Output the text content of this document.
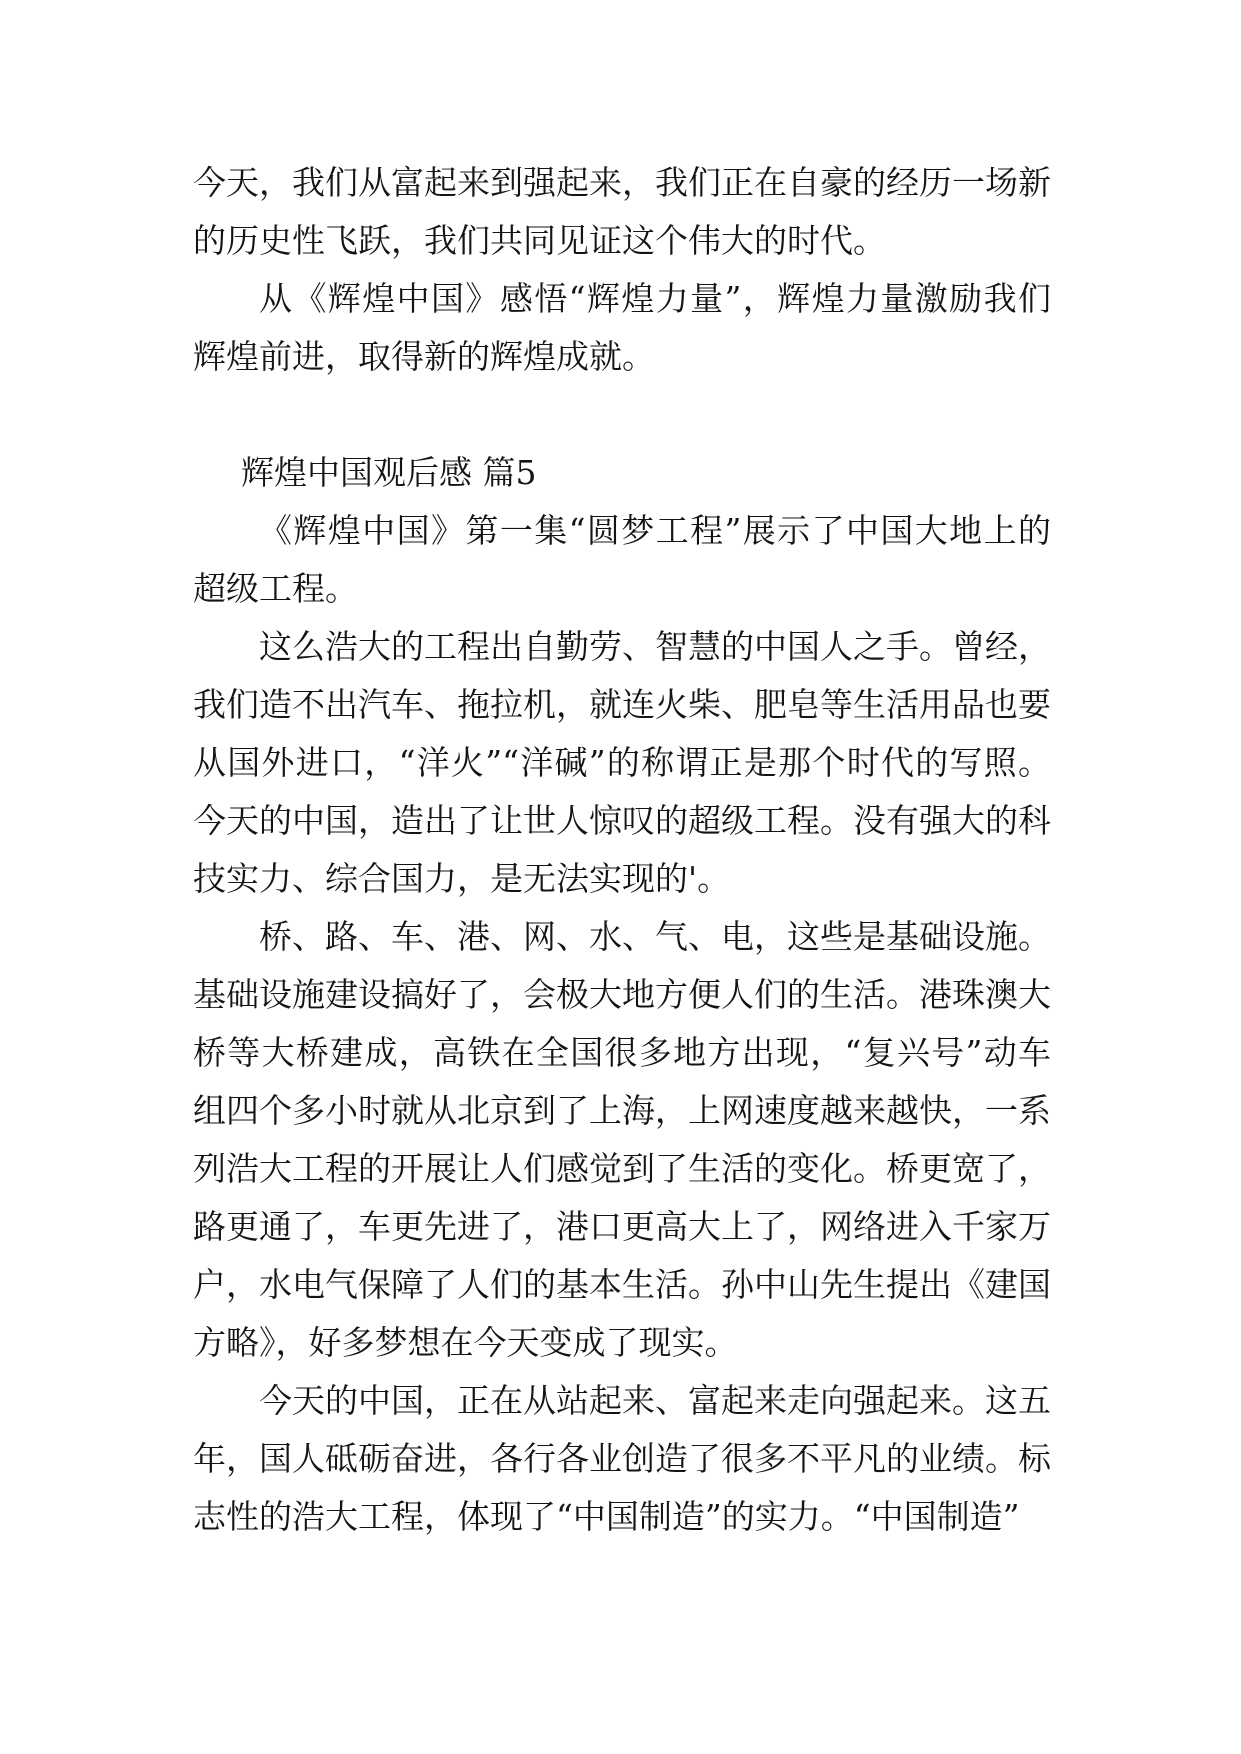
今天，我们从富起来到强起来，我们正在自豪的经历一场新的历史性飞跃，我们共同见证这个伟大的时代。

从《辉煌中国》感悟“辉煌力量”，辉煌力量激励我们辉煌前进，取得新的辉煌成就。

辉煌中国观后感 篇5

《辉煌中国》第一集“圆梦工程”展示了中国大地上的超级工程。

这么浩大的工程出自勤劳、智慧的中国人之手。曾经，我们造不出汽车、拖拉机，就连火柴、肥皂等生活用品也要从国外进口，“洋火”“洋碱”的称谓正是那个时代的写照。今天的中国，造出了让世人惊叹的超级工程。没有强大的科技实力、综合国力，是无法实现的'。

桥、路、车、港、网、水、气、电，这些是基础设施。基础设施建设搞好了，会极大地方便人们的生活。港珠澳大桥等大桥建成，高铁在全国很多地方出现，“复兴号”动车组四个多小时就从北京到了上海，上网速度越来越快，一系列浩大工程的开展让人们感觉到了生活的变化。桥更宽了，路更通了，车更先进了，港口更高大上了，网络进入千家万户，水电气保障了人们的基本生活。孙中山先生提出《建国方略》，好多梦想在今天变成了现实。

今天的中国，正在从站起来、富起来走向强起来。这五年，国人砥砺奋进，各行各业创造了很多不平凡的业绩。标志性的浩大工程，体现了“中国制造”的实力。“中国制造”
